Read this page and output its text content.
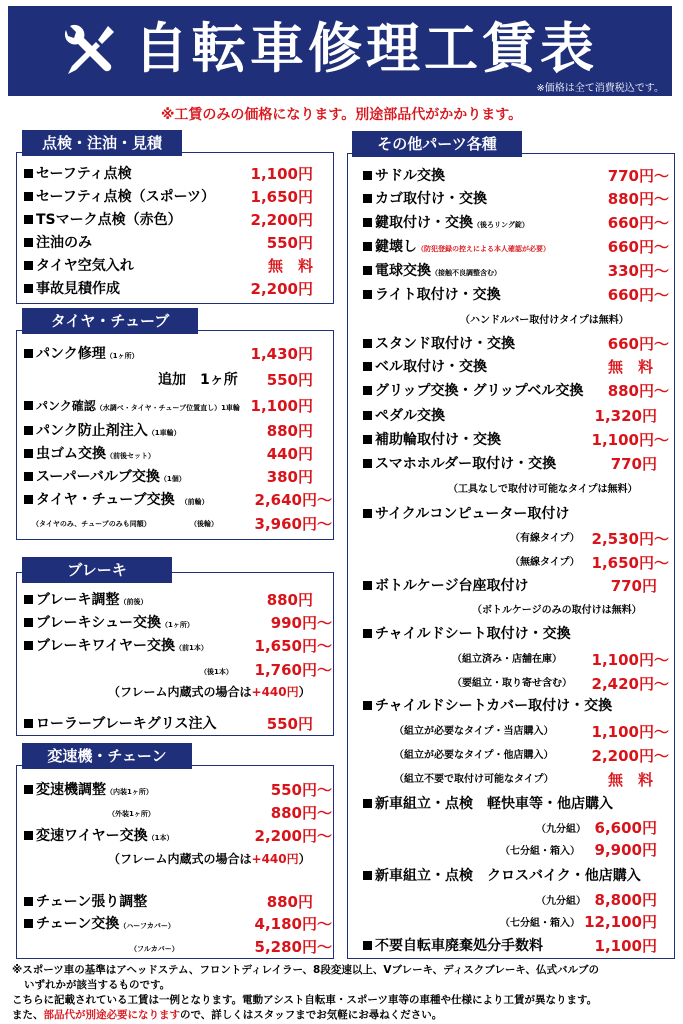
自転車修理工賃表
※価格は全て消費税込です。
※工賃のみの価格になります。別途部品代がかかります。
点検・注油・見積
セーフティ点検	1,100円
セーフティ点検（スポーツ） 1,650円
TSマーク点検（赤色）	2,200円
注油のみ	550円
タイヤ空気入れ	無　料
事故見積作成	2,200円
タイヤ・チューブ
パンク修理（1ヶ所）	1,430円
追加　1ヶ所 550円
パンク確認（水調べ・タイヤ・チューブ位置直し）1車輪 1,100円
パンク防止剤注入（1車輪）	880円
虫ゴム交換（前後セット）	440円
スーパーバルブ交換（1個）	380円
タイヤ・チューブ交換 （前輪）	2,640円〜
（タイヤのみ、チューブのみも同額）	（後輪） 3,960円〜
ブレーキ
ブレーキ調整（前後）	880円
ブレーキシュー交換（1ヶ所）	990円〜
ブレーキワイヤー交換（前1本）	1,650円〜
（後1本） 1,760円〜
（フレーム内蔵式の場合は+440円）
ローラーブレーキグリス注入	550円
変速機・チェーン
変速機調整（内装1ヶ所）	550円〜
（外装1ヶ所）	880円〜
変速ワイヤー交換（1本）	2,200円〜
（フレーム内蔵式の場合は+440円）
チェーン張り調整	880円
チェーン交換（ハーフカバー）	4,180円〜
（フルカバー）	5,280円〜
その他パーツ各種
サドル交換	770円〜
カゴ取付け・交換	880円〜
鍵取付け・交換（後ろリング錠）	660円〜
鍵壊し（防犯登録の控えによる本人確認が必要）	660円〜
電球交換（接触不良調整含む）	330円〜
ライト取付け・交換	660円〜
（ハンドルバー取付けタイプは無料）
スタンド取付け・交換	660円〜
ベル取付け・交換	無　料
グリップ交換・グリップベル交換 880円〜
ペダル交換	1,320円
補助輪取付け・交換	1,100円〜
スマホホルダー取付け・交換	770円
（工具なしで取付け可能なタイプは無料）
サイクルコンピューター取付け
（有線タイプ） 2,530円〜
（無線タイプ） 1,650円〜
ボトルケージ台座取付け	770円
（ボトルケージのみの取付けは無料）
チャイルドシート取付け・交換
（組立済み・店舗在庫） 1,100円〜
（要組立・取り寄せ含む） 2,420円〜
チャイルドシートカバー取付け・交換
（組立が必要なタイプ・当店購入）	1,100円〜
（組立が必要なタイプ・他店購入）	2,200円〜
（組立不要で取付け可能なタイプ）	無　料
新車組立・点検　軽快車等・他店購入
（九分組） 6,600円
（七分組・箱入） 9,900円
新車組立・点検　クロスバイク・他店購入
（九分組） 8,800円
（七分組・箱入） 12,100円
不要自転車廃棄処分手数料	1,100円
※スポーツ車の基準はアヘッドステム、フロントディレイラー、8段変速以上、Vブレーキ、ディスクブレーキ、仏式バルブの
いずれかが該当するものです。
こちらに記載されている工賃は一例となります。電動アシスト自転車・スポーツ車等の車種や仕様により工賃が異なります。
また、部品代が別途必要になりますので、詳しくはスタッフまでお気軽にお尋ねください。
